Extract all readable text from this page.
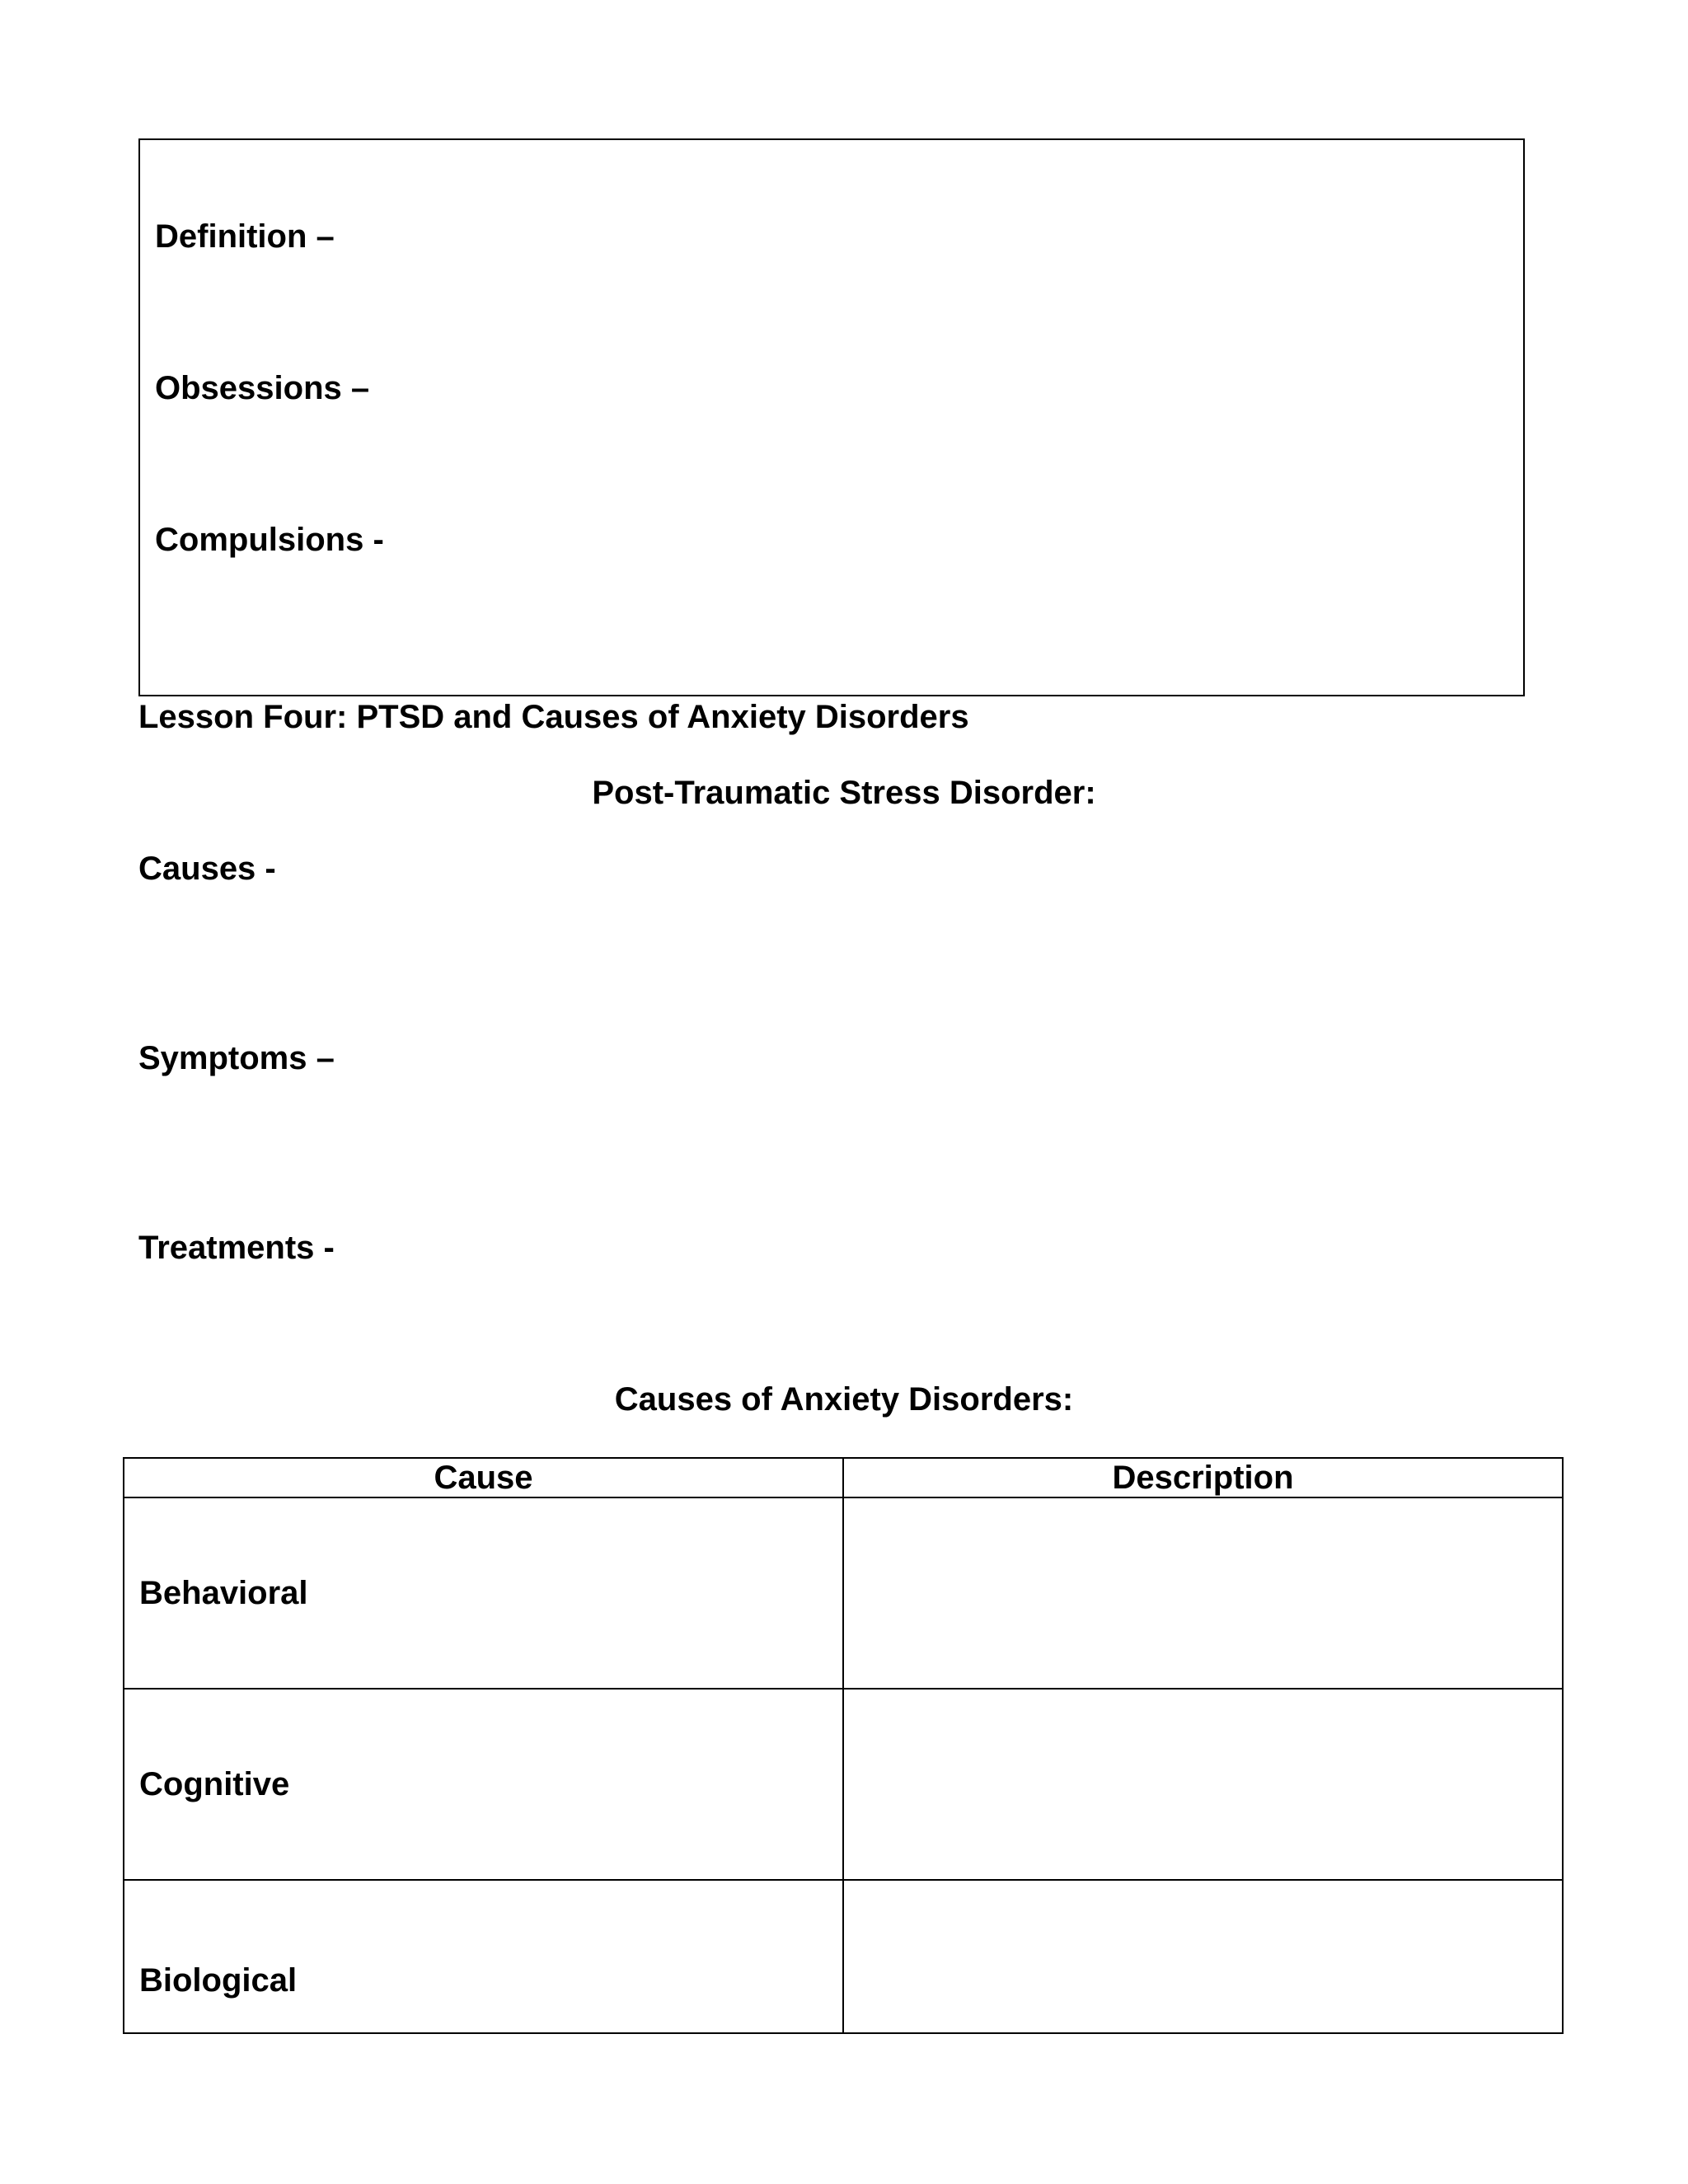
Definition –
Obsessions –
Compulsions -
Lesson Four: PTSD and Causes of Anxiety Disorders
Post-Traumatic Stress Disorder:
Causes -
Symptoms –
Treatments -
Causes of Anxiety Disorders:
Cause	Description
Behavioral	
Cognitive	
Biological	
